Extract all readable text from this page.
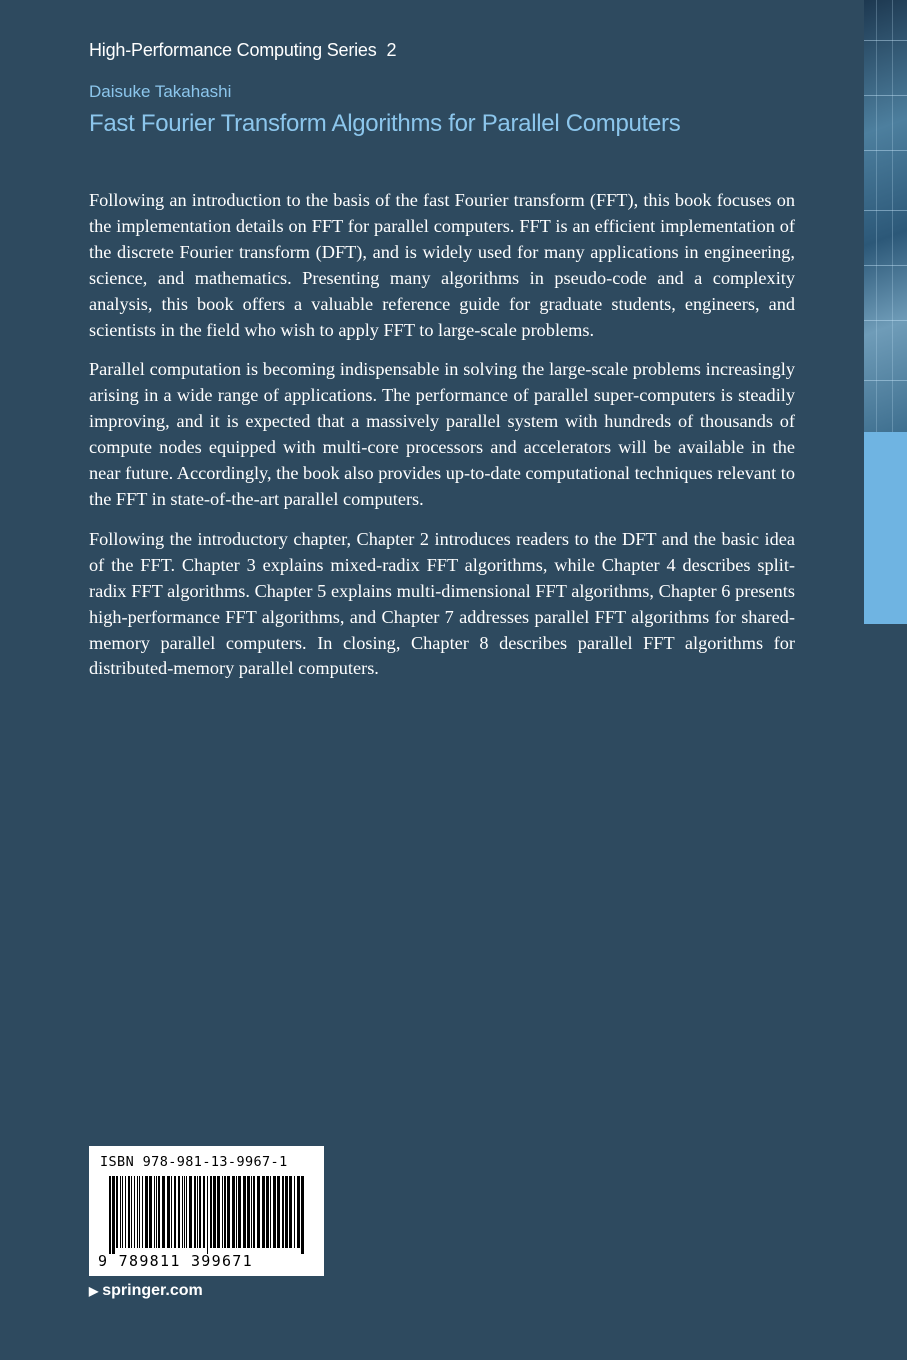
High-Performance Computing Series 2
Daisuke Takahashi
Fast Fourier Transform Algorithms for Parallel Computers

Following an introduction to the basis of the fast Fourier transform (FFT), this book focuses on the implementation details on FFT for parallel computers. FFT is an efficient implementation of the discrete Fourier transform (DFT), and is widely used for many applications in engineering, science, and mathematics. Presenting many algorithms in pseudo-code and a complexity analysis, this book offers a valuable reference guide for graduate students, engineers, and scientists in the field who wish to apply FFT to large-scale problems.

Parallel computation is becoming indispensable in solving the large-scale problems increasingly arising in a wide range of applications. The performance of parallel super-computers is steadily improving, and it is expected that a massively parallel system with hundreds of thousands of compute nodes equipped with multi-core processors and accelerators will be available in the near future. Accordingly, the book also provides up-to-date computational techniques relevant to the FFT in state-of-the-art parallel computers.

Following the introductory chapter, Chapter 2 introduces readers to the DFT and the basic idea of the FFT. Chapter 3 explains mixed-radix FFT algorithms, while Chapter 4 describes split-radix FFT algorithms. Chapter 5 explains multi-dimensional FFT algorithms, Chapter 6 presents high-performance FFT algorithms, and Chapter 7 addresses parallel FFT algorithms for shared-memory parallel computers. In closing, Chapter 8 describes parallel FFT algorithms for distributed-memory parallel computers.

ISBN 978-981-13-9967-1
9 789811 399671
▶ springer.com
